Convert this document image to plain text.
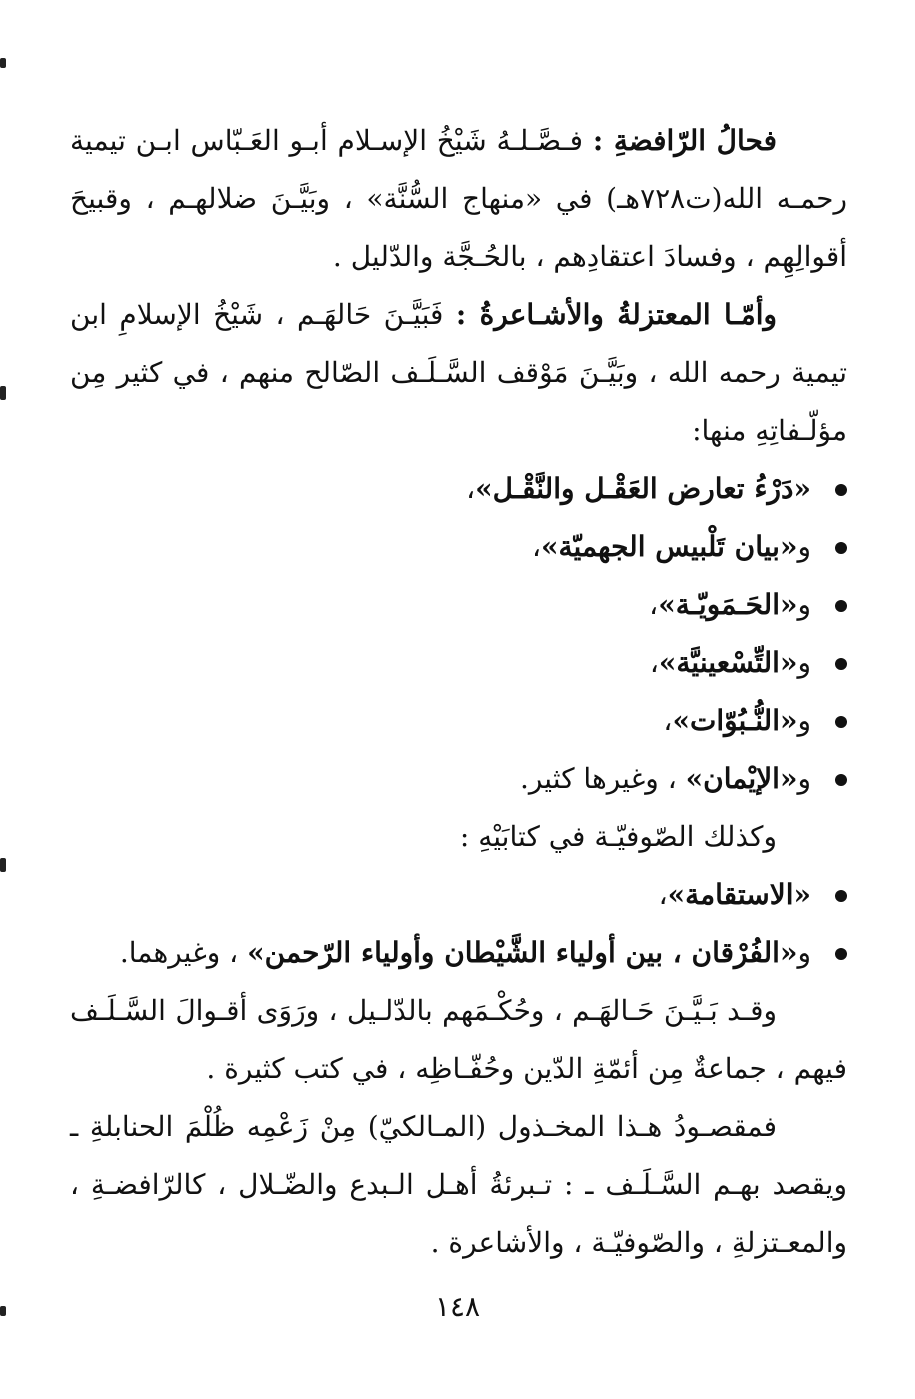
فحالُ الرّافضةِ : فـصَّـلـهُ شَيْخُ الإسـلام أبـو العَـبّاس ابـن تيمية رحمـه الله(ت٧٢٨هـ) في «منهاج السُّنَّة» ، وبَيَّـنَ ضلالهـم ، وقبيحَ أقوالِهِم ، وفسادَ اعتقادِهم ، بالحُـجَّة والدّليل .

وأمّـا المعتزلةُ والأشـاعرةُ : فَبَيَّـنَ حَالهَـم ، شَيْخُ الإسلامِ ابن تيمية رحمه الله ، وبَيَّـنَ مَوْقف السَّـلَـف الصّالح منهم ، في كثير مِن مؤلّـفاتِهِ منها:

«دَرْءُ تعارض العَقْـل والنَّقْـل»،
و«بيان تَلْبيس الجهميّة»،
و«الحَـمَويّـة»،
و«التِّسْعينيَّة»،
و«النُّـبُوّات»،
و«الإيْمان» ، وغيرها كثير.

وكذلك الصّوفيّـة في كتابَيْهِ :

«الاستقامة»،
و«الفُرْقان ، بين أولياء الشَّيْطان وأولياء الرّحمن» ، وغيرهما.

وقـد بَـيَّـنَ حَـالهَـم ، وحُكْـمَهم بالدّلـيل ، ورَوَى أقـوالَ السَّـلَـف فيهم ، جماعةٌ مِن أئمّةِ الدّين وحُفّـاظِه ، في كتب كثيرة .

فمقصـودُ هـذا المخـذول (المـالكيّ) مِنْ زَعْمِه ظُلْمَ الحنابلةِ ـ ويقصد بهـم السَّـلَـف ـ : تـبرئةُ أهـل الـبدع والضّـلال ، كالرّافضـةِ ، والمعـتزلةِ ، والصّوفيّـة ، والأشاعرة .

١٤٨
